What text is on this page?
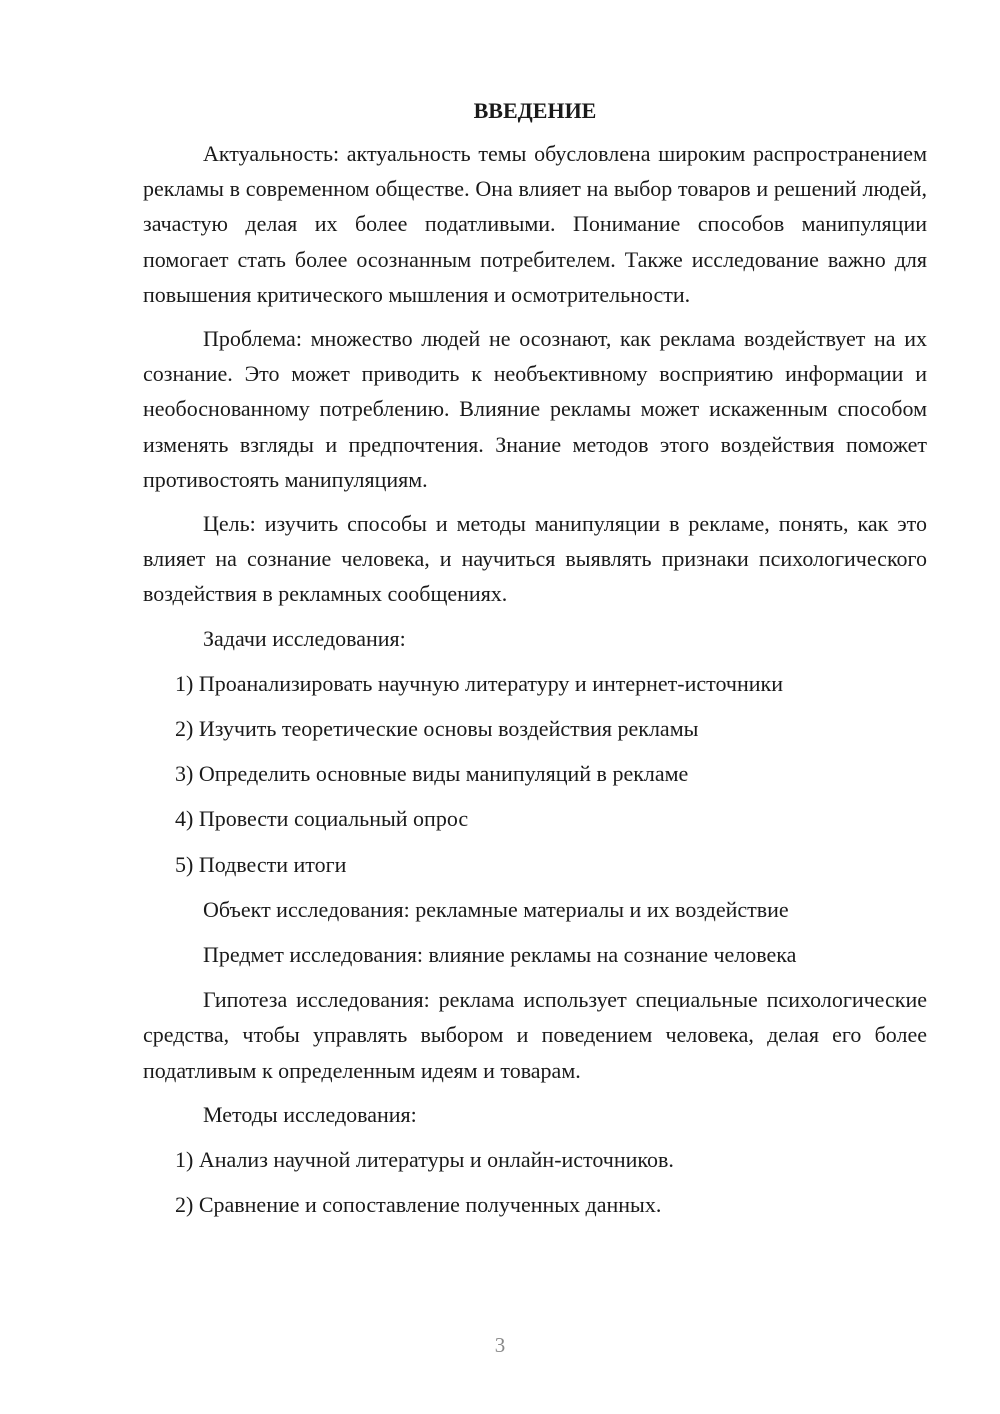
ВВЕДЕНИЕ

Актуальность: актуальность темы обусловлена широким распространением рекламы в современном обществе. Она влияет на выбор товаров и решений людей, зачастую делая их более податливыми. Понимание способов манипуляции помогает стать более осознанным потребителем. Также исследование важно для повышения критического мышления и осмотрительности.

Проблема: множество людей не осознают, как реклама воздействует на их сознание. Это может приводить к необъективному восприятию информации и необоснованному потреблению. Влияние рекламы может искаженным способом изменять взгляды и предпочтения. Знание методов этого воздействия поможет противостоять манипуляциям.

Цель: изучить способы и методы манипуляции в рекламе, понять, как это влияет на сознание человека, и научиться выявлять признаки психологического воздействия в рекламных сообщениях.

Задачи исследования:
1) Проанализировать научную литературу и интернет-источники
2) Изучить теоретические основы воздействия рекламы
3) Определить основные виды манипуляций в рекламе
4) Провести социальный опрос
5) Подвести итоги
Объект исследования: рекламные материалы и их воздействие
Предмет исследования: влияние рекламы на сознание человека

Гипотеза исследования: реклама использует специальные психологические средства, чтобы управлять выбором и поведением человека, делая его более податливым к определенным идеям и товарам.

Методы исследования:
1) Анализ научной литературы и онлайн-источников.
2) Сравнение и сопоставление полученных данных.
3
